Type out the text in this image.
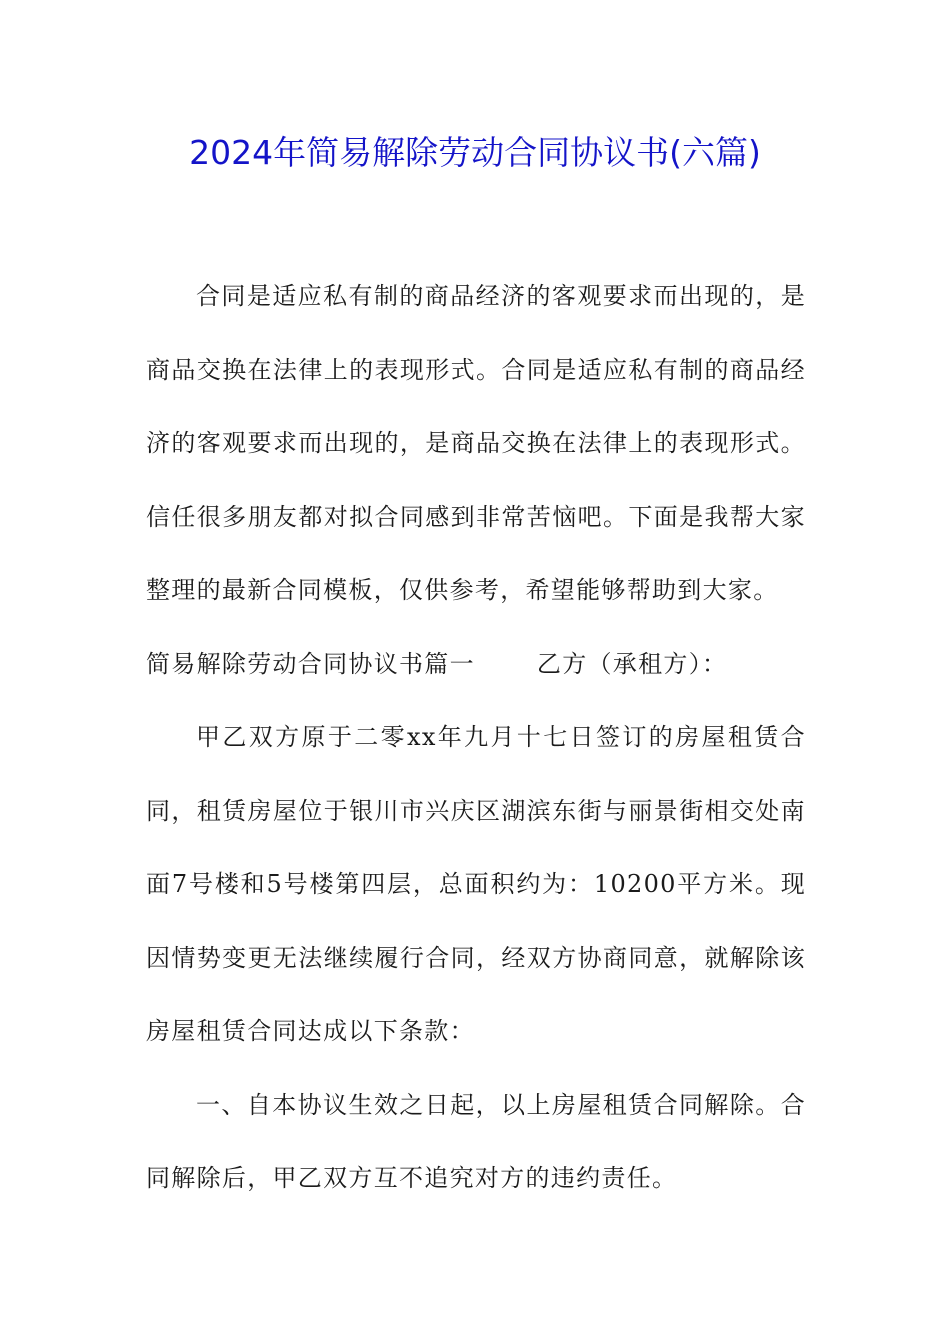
2024年简易解除劳动合同协议书(六篇)

合同是适应私有制的商品经济的客观要求而出现的，是商品交换在法律上的表现形式。合同是适应私有制的商品经济的客观要求而出现的，是商品交换在法律上的表现形式。信任很多朋友都对拟合同感到非常苦恼吧。下面是我帮大家整理的最新合同模板，仅供参考，希望能够帮助到大家。

简易解除劳动合同协议书篇一	乙方（承租方）：

甲乙双方原于二零xx年九月十七日签订的房屋租赁合同，租赁房屋位于银川市兴庆区湖滨东街与丽景街相交处南面7号楼和5号楼第四层，总面积约为：10200平方米。现因情势变更无法继续履行合同，经双方协商同意，就解除该房屋租赁合同达成以下条款：

一、自本协议生效之日起，以上房屋租赁合同解除。合同解除后，甲乙双方互不追究对方的违约责任。
